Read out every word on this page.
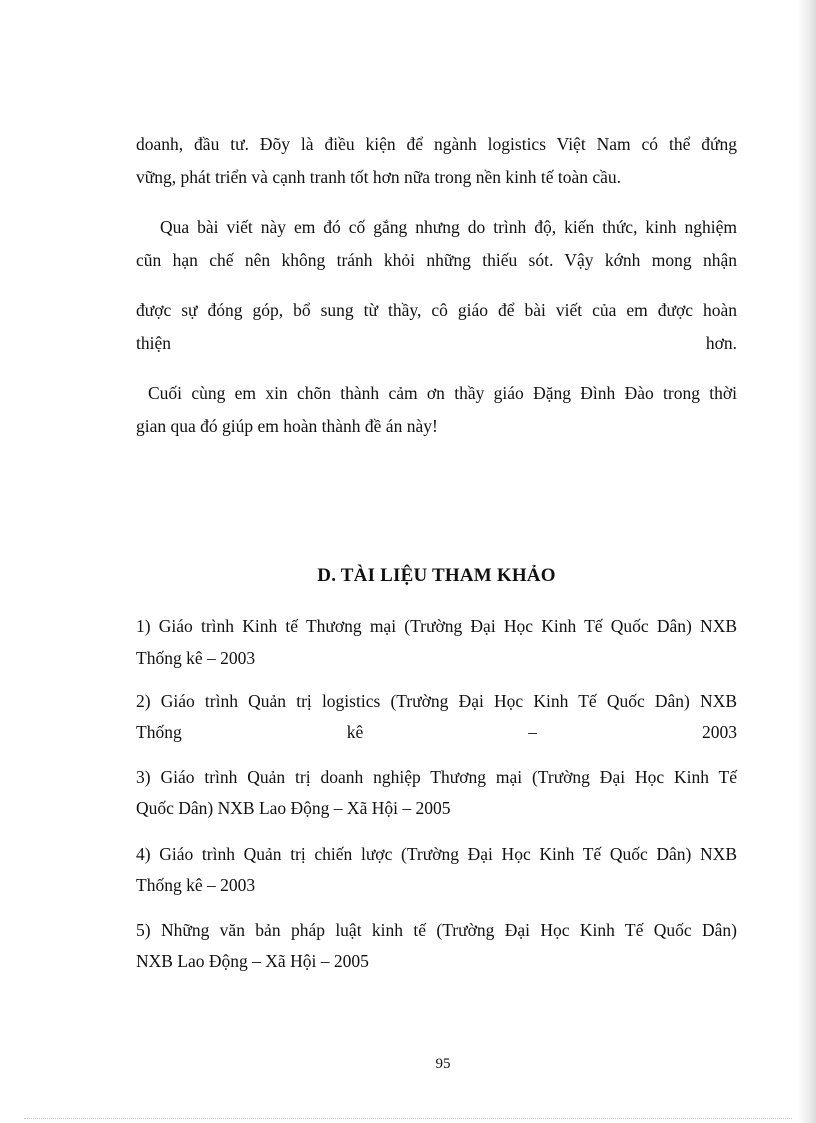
doanh, đầu tư. Đõy là điều kiện để ngành logistics Việt Nam có thể đứng
vững, phát triển và cạnh tranh tốt hơn nữa trong nền kinh tế toàn cầu.
Qua bài viết này em đó cố gắng nhưng do trình độ, kiến thức, kinh nghiệm
cũn hạn chế nên không tránh khỏi những thiếu sót. Vậy kớnh mong nhận
được sự đóng góp, bổ sung từ thầy, cô giáo để bài viết của em được hoàn
thiện	hơn.
Cuối cùng em xin chõn thành cảm ơn thầy giáo Đặng Đình Đào trong thời
gian qua đó giúp em hoàn thành đề án này!
D. TÀI LIỆU THAM KHẢO
1) Giáo trình Kinh tế Thương mại (Trường Đại Học Kinh Tế Quốc Dân) NXB
Thống kê – 2003
2) Giáo trình Quản trị logistics (Trường Đại Học Kinh Tế Quốc Dân) NXB
Thống	kê	–	2003
3) Giáo trình Quản trị doanh nghiệp Thương mại (Trường Đại Học Kinh Tế
Quốc Dân) NXB Lao Động – Xã Hội – 2005
4) Giáo trình Quản trị chiến lược (Trường Đại Học Kinh Tế Quốc Dân) NXB
Thống kê – 2003
5) Những văn bản pháp luật kinh tế (Trường Đại Học Kinh Tế Quốc Dân)
NXB Lao Động – Xã Hội – 2005
95
